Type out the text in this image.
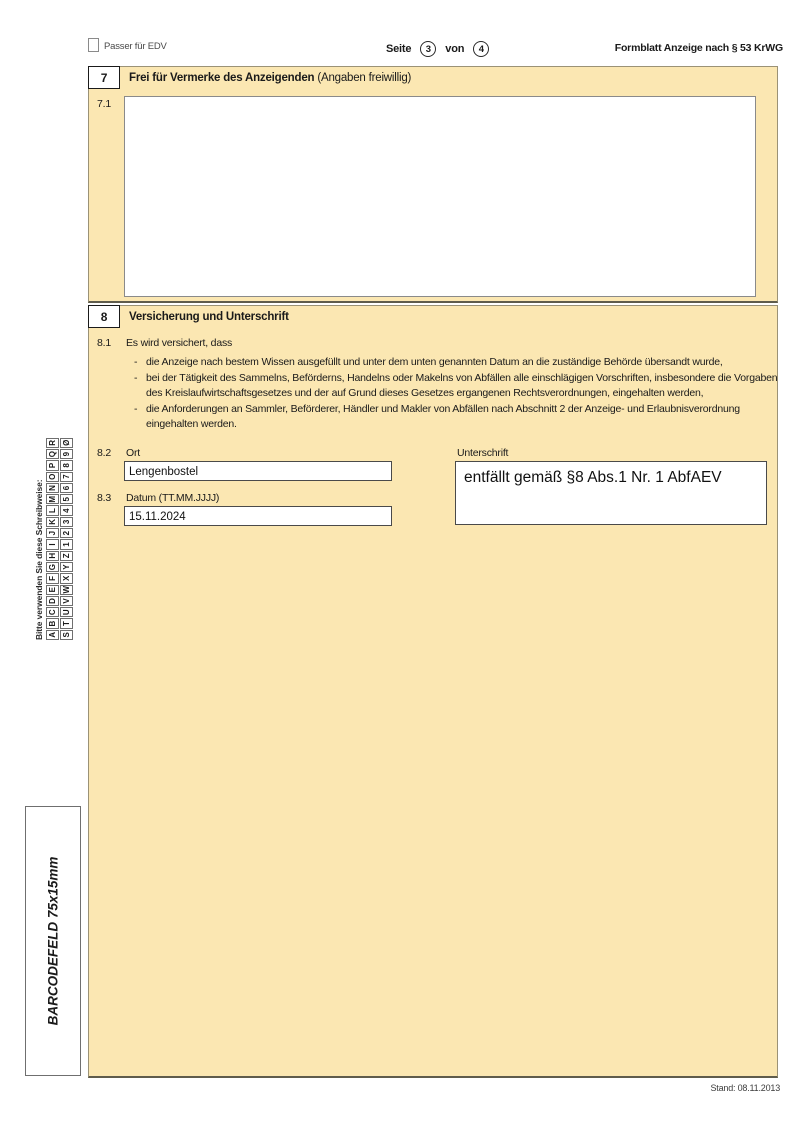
Passer für EDV	Seite	3	von	4	Formblatt Anzeige nach § 53 KrWG
7	Frei für Vermerke des Anzeigenden (Angaben freiwillig)
7.1
8	Versicherung und Unterschrift
8.1 Es wird versichert, dass
- die Anzeige nach bestem Wissen ausgefüllt und unter dem unten genannten Datum an die zuständige Behörde übersandt wurde,
- bei der Tätigkeit des Sammelns, Beförderns, Handelns oder Makelns von Abfällen alle einschlägigen Vorschriften, insbesondere die Vorgaben des Kreislaufwirtschaftsgesetzes und der auf Grund dieses Gesetzes ergangenen Rechtsverordnungen, eingehalten werden,
- die Anforderungen an Sammler, Beförderer, Händler und Makler von Abfällen nach Abschnitt 2 der Anzeige- und Erlaubnisverordnung eingehalten werden.
8.2 Ort
Lengenbostel	Unterschrift
entfällt gemäß §8 Abs.1 Nr. 1 AbfAEV
8.3 Datum (TT.MM.JJJJ)
15.11.2024
Bitte verwenden Sie diese Schreibweise: A
B
C
D
E
F
G
H
I
J
K
L
M
N
O
P
Q
R
S
T
U
V
W
X
Y
Z
1
2
3
4
5
6
7
8
9
Ø
BARCODEFELD 75x15mm
Stand: 08.11.2013
